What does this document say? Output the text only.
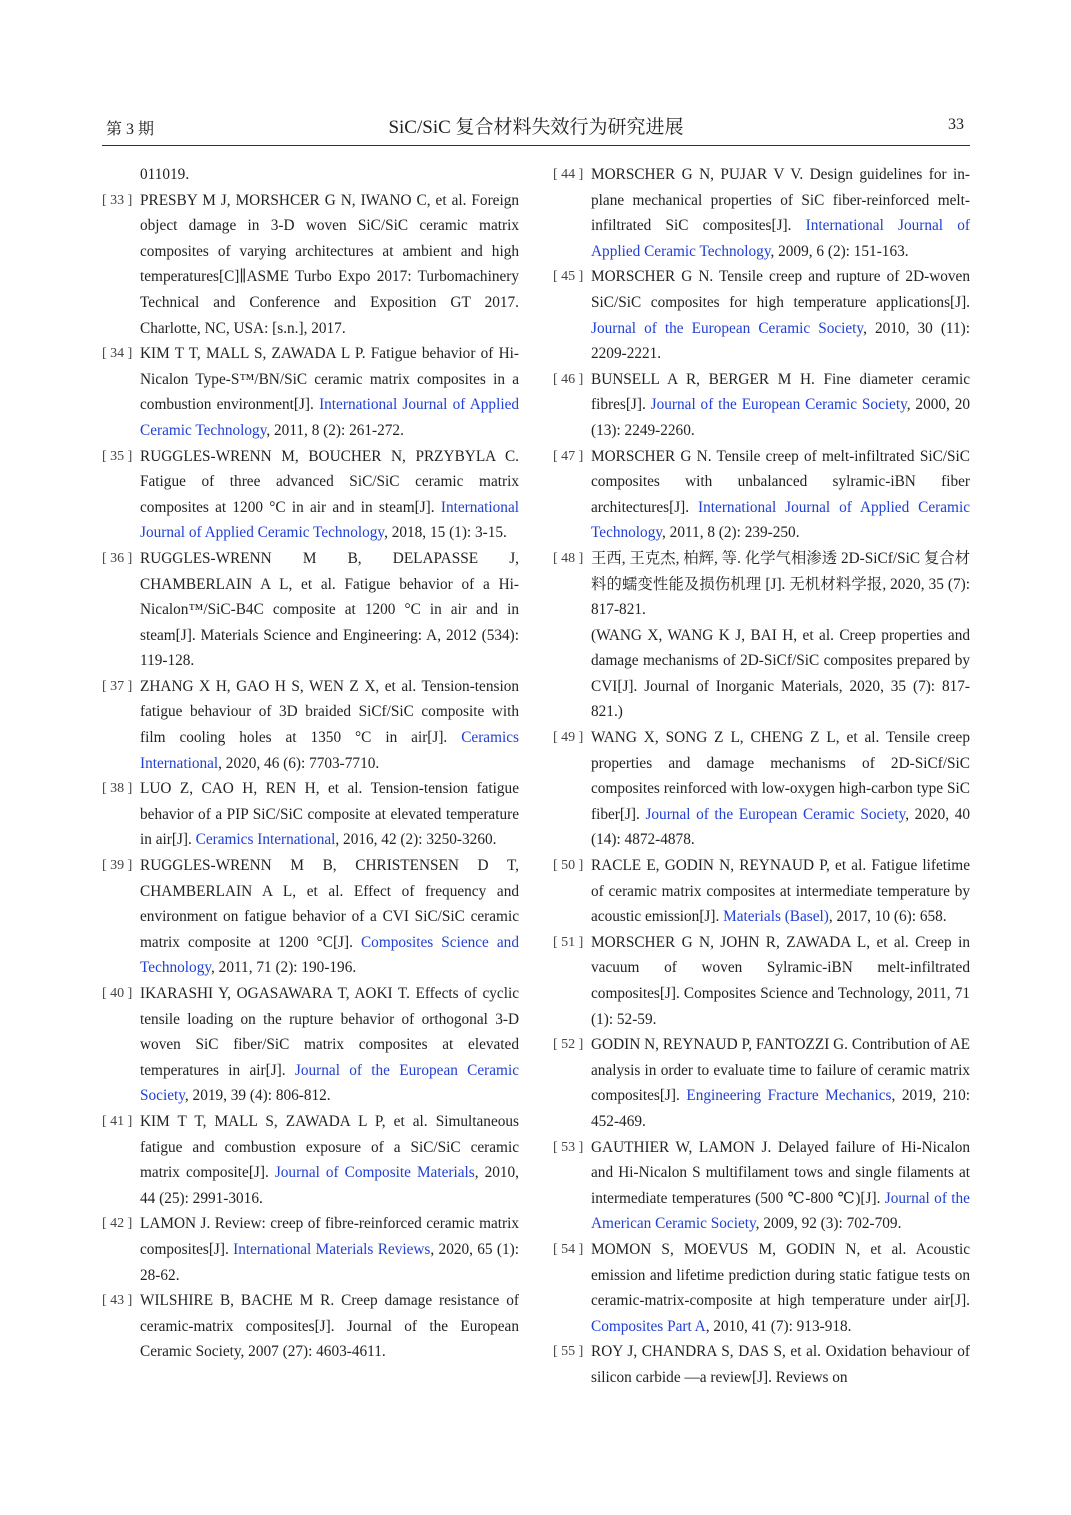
第 3 期	SiC/SiC 复合材料失效行为研究进展	33
011019.
[ 33 ] PRESBY M J, MORSHCER G N, IWANO C, et al. Foreign object damage in 3-D woven SiC/SiC ceramic matrix composites of varying architectures at ambient and high temperatures[C]∥ASME Turbo Expo 2017: Turbomachinery Technical and Conference and Exposition GT 2017. Charlotte, NC, USA: [s.n.], 2017.
[ 34 ] KIM T T, MALL S, ZAWADA L P. Fatigue behavior of Hi-Nicalon Type-S™/BN/SiC ceramic matrix composites in a combustion environment[J]. International Journal of Applied Ceramic Technology, 2011, 8 (2): 261-272.
[ 35 ] RUGGLES-WRENN M, BOUCHER N, PRZYBYLA C. Fatigue of three advanced SiC/SiC ceramic matrix composites at 1200 °C in air and in steam[J]. International Journal of Applied Ceramic Technology, 2018, 15 (1): 3-15.
[ 36 ] RUGGLES-WRENN M B, DELAPASSE J, CHAMBERLAIN A L, et al. Fatigue behavior of a Hi-Nicalon™/SiC-B4C composite at 1200 °C in air and in steam[J]. Materials Science and Engineering: A, 2012 (534): 119-128.
[ 37 ] ZHANG X H, GAO H S, WEN Z X, et al. Tension-tension fatigue behaviour of 3D braided SiCf/SiC composite with film cooling holes at 1350 °C in air[J]. Ceramics International, 2020, 46 (6): 7703-7710.
[ 38 ] LUO Z, CAO H, REN H, et al. Tension-tension fatigue behavior of a PIP SiC/SiC composite at elevated temperature in air[J]. Ceramics International, 2016, 42 (2): 3250-3260.
[ 39 ] RUGGLES-WRENN M B, CHRISTENSEN D T, CHAMBERLAIN A L, et al. Effect of frequency and environment on fatigue behavior of a CVI SiC/SiC ceramic matrix composite at 1200 °C[J]. Composites Science and Technology, 2011, 71 (2): 190-196.
[ 40 ] IKARASHI Y, OGASAWARA T, AOKI T. Effects of cyclic tensile loading on the rupture behavior of orthogonal 3-D woven SiC fiber/SiC matrix composites at elevated temperatures in air[J]. Journal of the European Ceramic Society, 2019, 39 (4): 806-812.
[ 41 ] KIM T T, MALL S, ZAWADA L P, et al. Simultaneous fatigue and combustion exposure of a SiC/SiC ceramic matrix composite[J]. Journal of Composite Materials, 2010, 44 (25): 2991-3016.
[ 42 ] LAMON J. Review: creep of fibre-reinforced ceramic matrix composites[J]. International Materials Reviews, 2020, 65 (1): 28-62.
[ 43 ] WILSHIRE B, BACHE M R. Creep damage resistance of ceramic-matrix composites[J]. Journal of the European Ceramic Society, 2007 (27): 4603-4611.
[ 44 ] MORSCHER G N, PUJAR V V. Design guidelines for in-plane mechanical properties of SiC fiber-reinforced melt-infiltrated SiC composites[J]. International Journal of Applied Ceramic Technology, 2009, 6 (2): 151-163.
[ 45 ] MORSCHER G N. Tensile creep and rupture of 2D-woven SiC/SiC composites for high temperature applications[J]. Journal of the European Ceramic Society, 2010, 30 (11): 2209-2221.
[ 46 ] BUNSELL A R, BERGER M H. Fine diameter ceramic fibres[J]. Journal of the European Ceramic Society, 2000, 20 (13): 2249-2260.
[ 47 ] MORSCHER G N. Tensile creep of melt-infiltrated SiC/SiC composites with unbalanced sylramic-iBN fiber architectures[J]. International Journal of Applied Ceramic Technology, 2011, 8 (2): 239-250.
[ 48 ] 王西, 王克杰, 柏辉, 等. 化学气相渗透 2D-SiCf/SiC 复合材料的蠕变性能及损伤机理 [J]. 无机材料学报, 2020, 35 (7): 817-821.
(WANG X, WANG K J, BAI H, et al. Creep properties and damage mechanisms of 2D-SiCf/SiC composites prepared by CVI[J]. Journal of Inorganic Materials, 2020, 35 (7): 817-821.)
[ 49 ] WANG X, SONG Z L, CHENG Z L, et al. Tensile creep properties and damage mechanisms of 2D-SiCf/SiC composites reinforced with low-oxygen high-carbon type SiC fiber[J]. Journal of the European Ceramic Society, 2020, 40 (14): 4872-4878.
[ 50 ] RACLE E, GODIN N, REYNAUD P, et al. Fatigue lifetime of ceramic matrix composites at intermediate temperature by acoustic emission[J]. Materials (Basel), 2017, 10 (6): 658.
[ 51 ] MORSCHER G N, JOHN R, ZAWADA L, et al. Creep in vacuum of woven Sylramic-iBN melt-infiltrated composites[J]. Composites Science and Technology, 2011, 71 (1): 52-59.
[ 52 ] GODIN N, REYNAUD P, FANTOZZI G. Contribution of AE analysis in order to evaluate time to failure of ceramic matrix composites[J]. Engineering Fracture Mechanics, 2019, 210: 452-469.
[ 53 ] GAUTHIER W, LAMON J. Delayed failure of Hi-Nicalon and Hi-Nicalon S multifilament tows and single filaments at intermediate temperatures (500 ℃-800 ℃)[J]. Journal of the American Ceramic Society, 2009, 92 (3): 702-709.
[ 54 ] MOMON S, MOEVUS M, GODIN N, et al. Acoustic emission and lifetime prediction during static fatigue tests on ceramic-matrix-composite at high temperature under air[J]. Composites Part A, 2010, 41 (7): 913-918.
[ 55 ] ROY J, CHANDRA S, DAS S, et al. Oxidation behaviour of silicon carbide —a review[J]. Reviews on
